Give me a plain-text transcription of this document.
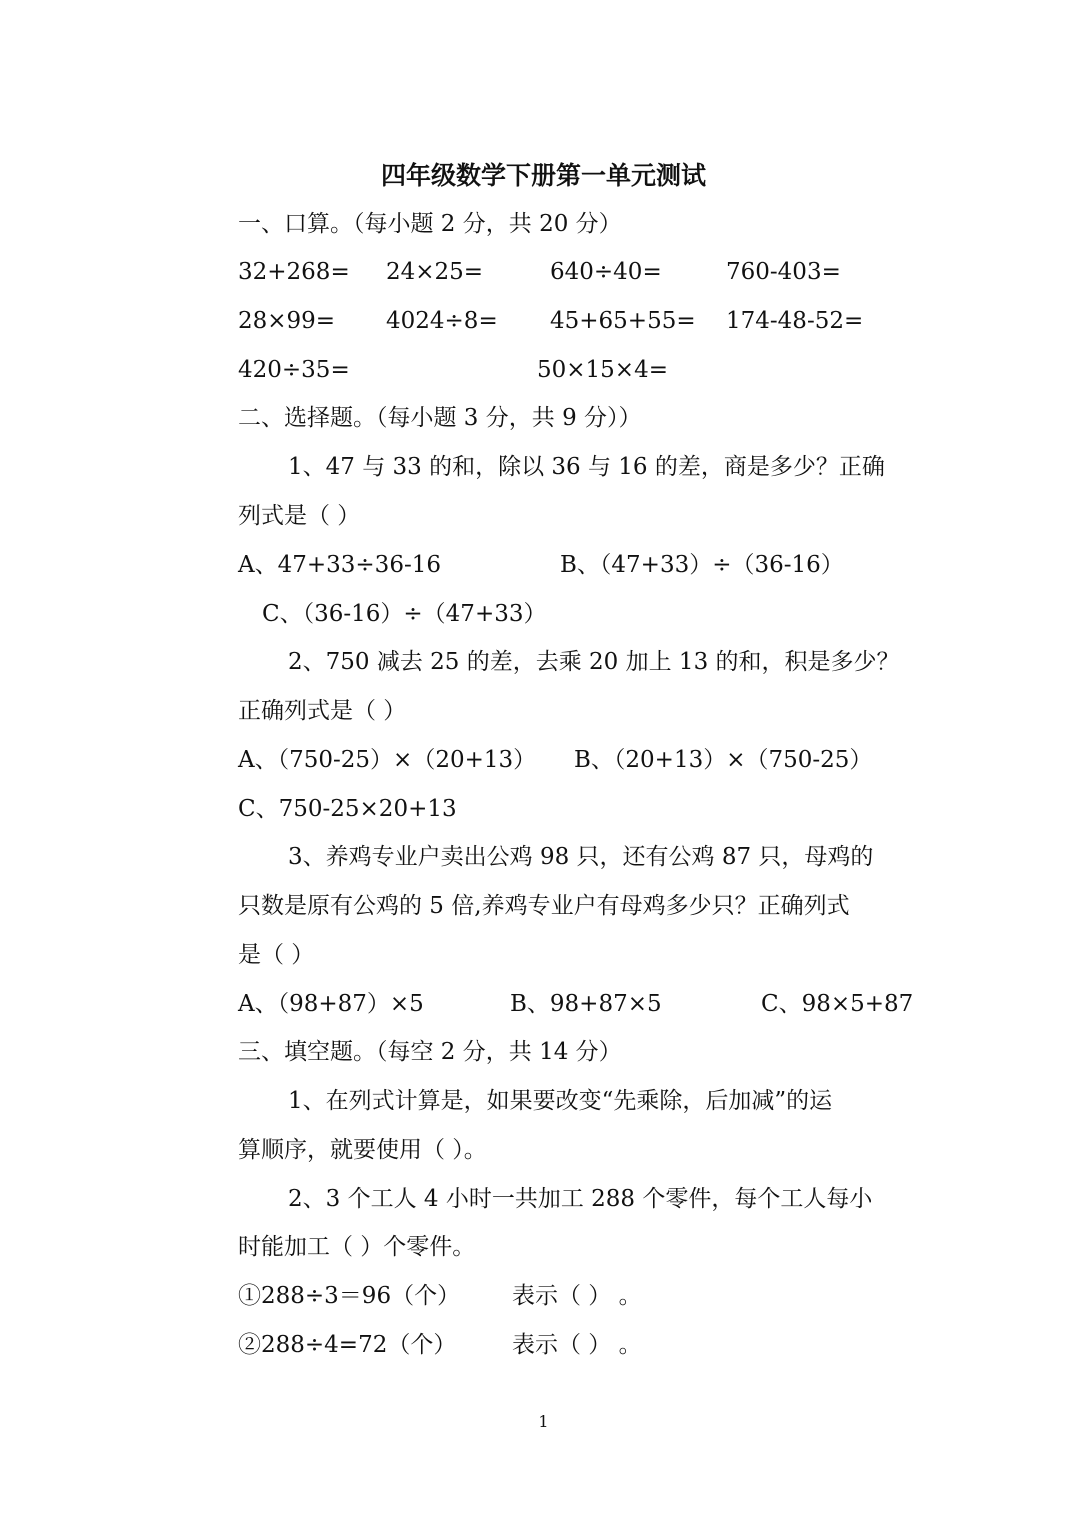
四年级数学下册第一单元测试
一、口算。（每小题 2 分，共 20 分）
32+268= 24×25=	640÷40=	760-403=
28×99= 4024÷8= 45+65+55= 174-48-52=
420÷35=	50×15×4=
二、选择题。（每小题 3 分，共 9 分））
1、47 与 33 的和，除以 36 与 16 的差，商是多少？正确
列式是（ ）
A、47+33÷36-16	B、（47+33）÷（36-16）
C、（36-16）÷（47+33）
2、750 减去 25 的差，去乘 20 加上 13 的和，积是多少？
正确列式是（ ）
A、（750-25）×（20+13） B、（20+13）×（750-25）
C、750-25×20+13
3、养鸡专业户卖出公鸡 98 只，还有公鸡 87 只，母鸡的
只数是原有公鸡的 5 倍,养鸡专业户有母鸡多少只？正确列式
是（ ）
A、（98+87）×5	B、98+87×5	C、98×5+87
三、填空题。（每空 2 分，共 14 分）
1、在列式计算是，如果要改变“先乘除，后加减”的运
算顺序，就要使用（ ）。
2、3 个工人 4 小时一共加工 288 个零件，每个工人每小
时能加工（ ）个零件。
①288÷3＝96（个） 表示（ ） 。
②288÷4=72（个） 表示（ ） 。
1
